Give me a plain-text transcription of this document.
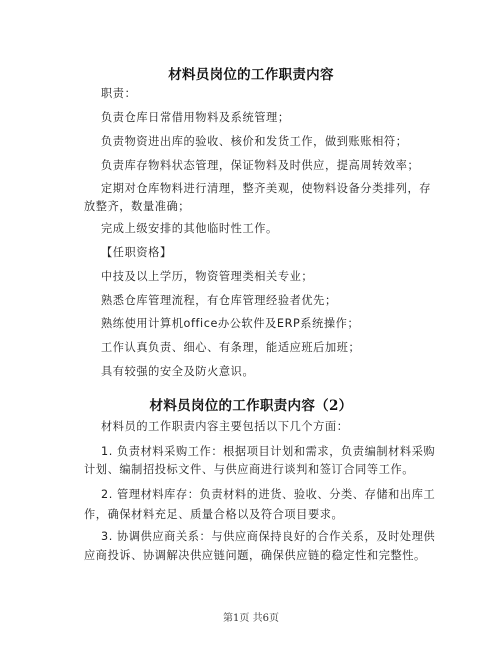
材料员岗位的工作职责内容
职责：
负责仓库日常借用物料及系统管理；
负责物资进出库的验收、核价和发货工作，做到账账相符；
负责库存物料状态管理，保证物料及时供应，提高周转效率；
定期对仓库物料进行清理，整齐美观，使物料设备分类排列，存
放整齐，数量准确；
完成上级安排的其他临时性工作。
【任职资格】
中技及以上学历，物资管理类相关专业；
熟悉仓库管理流程，有仓库管理经验者优先；
熟练使用计算机office办公软件及ERP系统操作；
工作认真负责、细心、有条理，能适应班后加班；
具有较强的安全及防火意识。
材料员岗位的工作职责内容（2）
材料员的工作职责内容主要包括以下几个方面：
1. 负责材料采购工作：根据项目计划和需求，负责编制材料采购
计划、编制招投标文件、与供应商进行谈判和签订合同等工作。
2. 管理材料库存：负责材料的进货、验收、分类、存储和出库工
作，确保材料充足、质量合格以及符合项目要求。
3. 协调供应商关系：与供应商保持良好的合作关系，及时处理供
应商投诉、协调解决供应链问题，确保供应链的稳定性和完整性。
第1页 共6页
